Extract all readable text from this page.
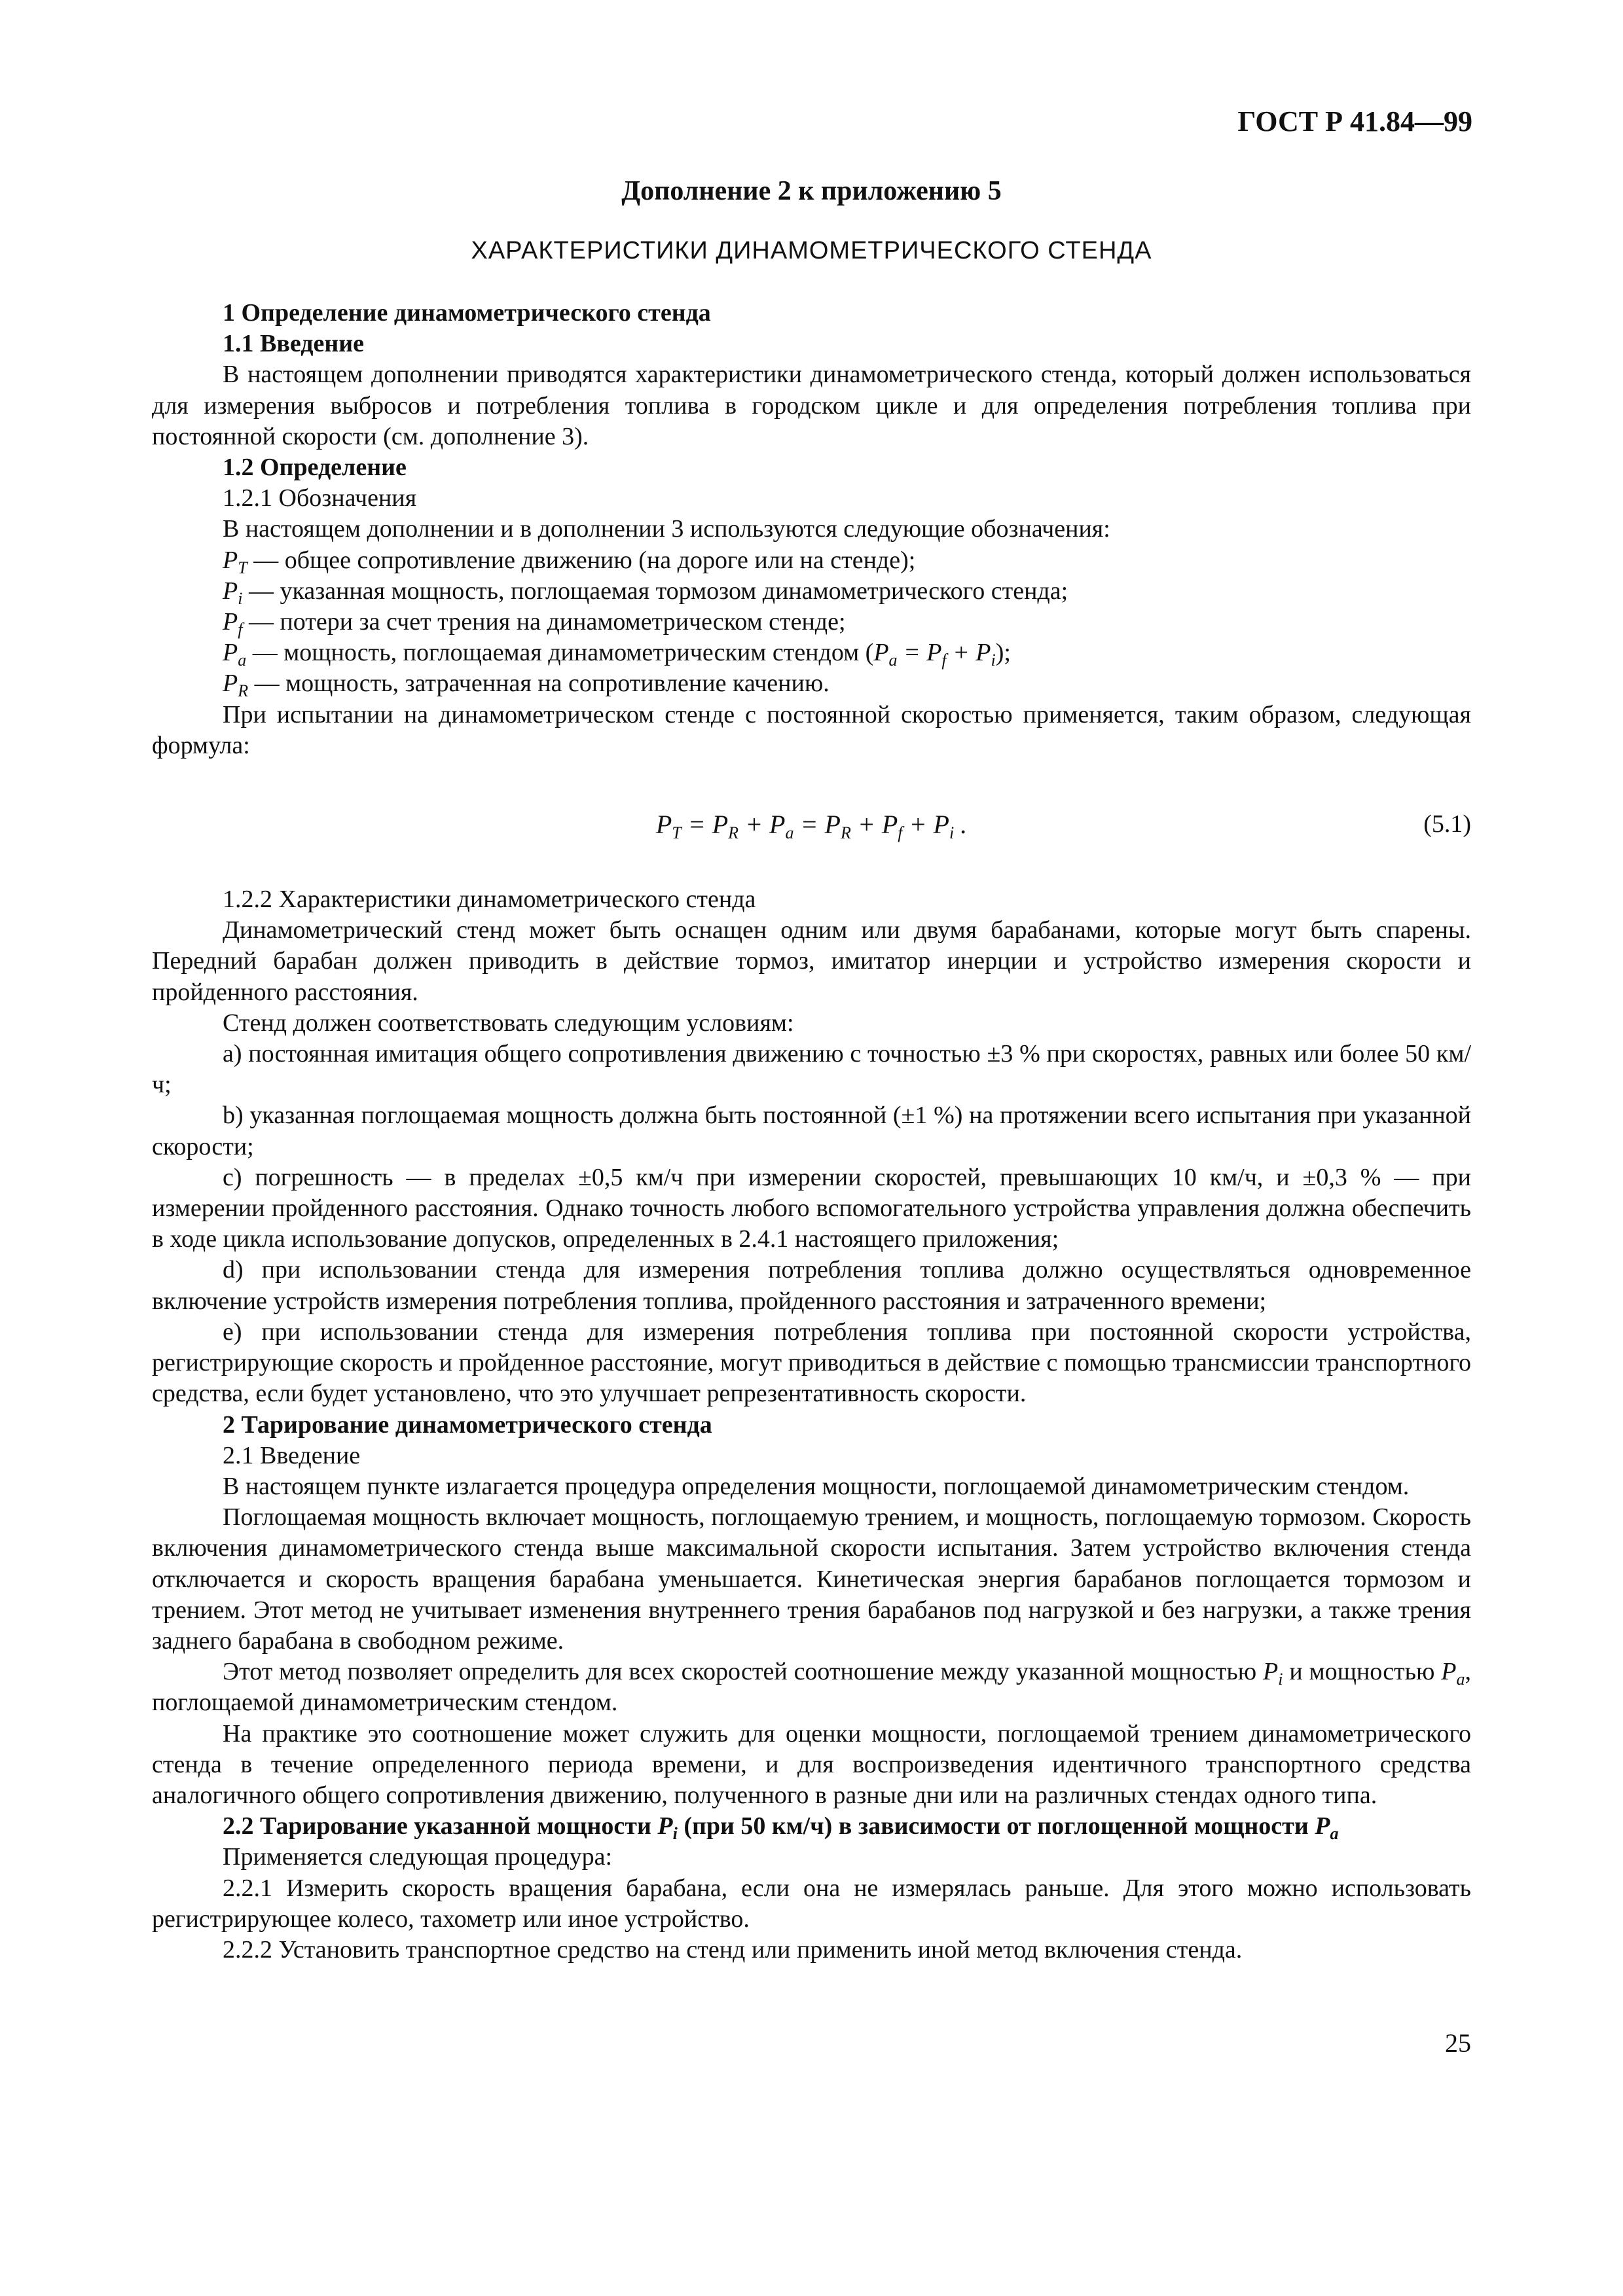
ГОСТ Р 41.84—99
Дополнение 2 к приложению 5
ХАРАКТЕРИСТИКИ ДИНАМОМЕТРИЧЕСКОГО СТЕНДА

1 Определение динамометрического стенда

1.1 Введение

В настоящем дополнении приводятся характеристики динамометрического стенда, который должен использоваться для измерения выбросов и потребления топлива в городском цикле и для определения потребления топлива при постоянной скорости (см. дополнение 3).

1.2 Определение

1.2.1 Обозначения

В настоящем дополнении и в дополнении 3 используются следующие обозначения:

$P_T$ — общее сопротивление движению (на дороге или на стенде);

$P_i$ — указанная мощность, поглощаемая тормозом динамометрического стенда;

$P_f$ — потери за счет трения на динамометрическом стенде;

$P_a$ — мощность, поглощаемая динамометрическим стендом $(P_a = P_f + P_i)$;

$P_R$ — мощность, затраченная на сопротивление качению.

При испытании на динамометрическом стенде с постоянной скоростью применяется, таким образом, следующая формула:

$P_T = P_R + P_a = P_R + P_f + P_i$ .	(5.1)

1.2.2 Характеристики динамометрического стенда

Динамометрический стенд может быть оснащен одним или двумя барабанами, которые могут быть спарены. Передний барабан должен приводить в действие тормоз, имитатор инерции и устройство измерения скорости и пройденного расстояния.

Стенд должен соответствовать следующим условиям:

a) постоянная имитация общего сопротивления движению с точностью ±3 % при скоростях, равных или более 50 км/ч;

b) указанная поглощаемая мощность должна быть постоянной (±1 %) на протяжении всего испытания при указанной скорости;

c) погрешность — в пределах ±0,5 км/ч при измерении скоростей, превышающих 10 км/ч, и ±0,3 % — при измерении пройденного расстояния. Однако точность любого вспомогательного устройства управления должна обеспечить в ходе цикла использование допусков, определенных в 2.4.1 настоящего приложения;

d) при использовании стенда для измерения потребления топлива должно осуществляться одновременное включение устройств измерения потребления топлива, пройденного расстояния и затраченного времени;

e) при использовании стенда для измерения потребления топлива при постоянной скорости устройства, регистрирующие скорость и пройденное расстояние, могут приводиться в действие с помощью трансмиссии транспортного средства, если будет установлено, что это улучшает репрезентативность скорости.

2 Тарирование динамометрического стенда

2.1 Введение

В настоящем пункте излагается процедура определения мощности, поглощаемой динамометрическим стендом.

Поглощаемая мощность включает мощность, поглощаемую трением, и мощность, поглощаемую тормозом. Скорость включения динамометрического стенда выше максимальной скорости испытания. Затем устройство включения стенда отключается и скорость вращения барабана уменьшается. Кинетическая энергия барабанов поглощается тормозом и трением. Этот метод не учитывает изменения внутреннего трения барабанов под нагрузкой и без нагрузки, а также трения заднего барабана в свободном режиме.

Этот метод позволяет определить для всех скоростей соотношение между указанной мощностью $P_i$ и мощностью $P_a$, поглощаемой динамометрическим стендом.

На практике это соотношение может служить для оценки мощности, поглощаемой трением динамометрического стенда в течение определенного периода времени, и для воспроизведения идентичного транспортного средства аналогичного общего сопротивления движению, полученного в разные дни или на различных стендах одного типа.

2.2 Тарирование указанной мощности $P_i$ (при 50 км/ч) в зависимости от поглощенной мощности $P_a$

Применяется следующая процедура:

2.2.1 Измерить скорость вращения барабана, если она не измерялась раньше. Для этого можно использовать регистрирующее колесо, тахометр или иное устройство.

2.2.2 Установить транспортное средство на стенд или применить иной метод включения стенда.

25
